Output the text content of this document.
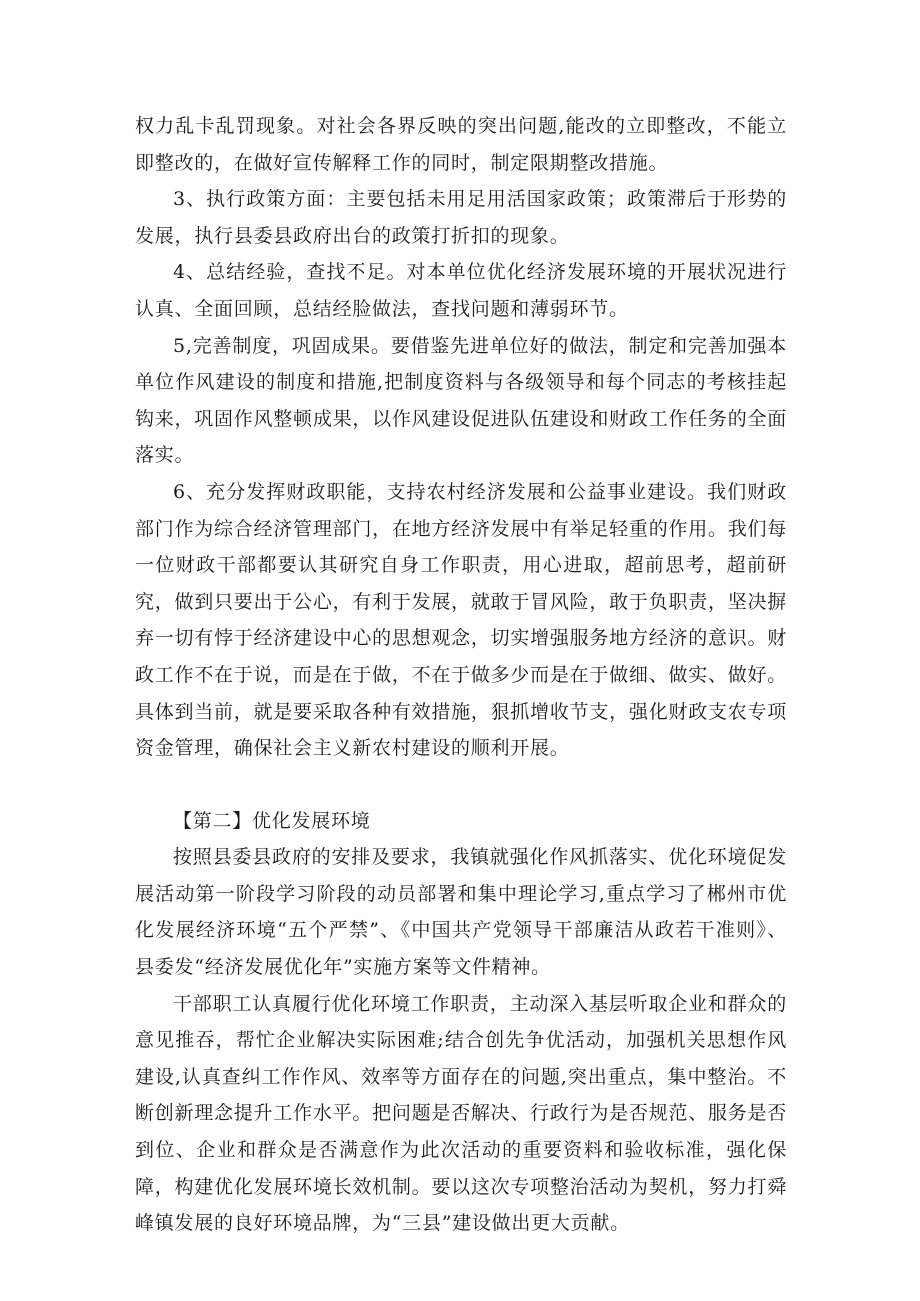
权力乱卡乱罚现象。对社会各界反映的突出问题,能改的立即整改，不能立即整改的，在做好宣传解释工作的同时，制定限期整改措施。

3、执行政策方面：主要包括未用足用活国家政策；政策滞后于形势的发展，执行县委县政府出台的政策打折扣的现象。

4、总结经验，查找不足。对本单位优化经济发展环境的开展状况进行认真、全面回顾，总结经脸做法，查找问题和薄弱环节。

5,完善制度，巩固成果。要借鉴先进单位好的做法，制定和完善加强本单位作风建设的制度和措施,把制度资料与各级领导和每个同志的考核挂起钩来，巩固作风整顿成果，以作风建设促进队伍建设和财政工作任务的全面落实。

6、充分发挥财政职能，支持农村经济发展和公益事业建设。我们财政部门作为综合经济管理部门，在地方经济发展中有举足轻重的作用。我们每一位财政干部都要认其研究自身工作职责，用心进取，超前思考，超前研究，做到只要出于公心，有利于发展，就敢于冒风险，敢于负职责，坚决摒弃一切有悖于经济建设中心的思想观念，切实增强服务地方经济的意识。财政工作不在于说，而是在于做，不在于做多少而是在于做细、做实、做好。具体到当前，就是要采取各种有效措施，狠抓增收节支，强化财政支农专项资金管理，确保社会主义新农村建设的顺利开展。

【第二】优化发展环境

按照县委县政府的安排及要求，我镇就强化作风抓落实、优化环境促发展活动第一阶段学习阶段的动员部署和集中理论学习,重点学习了郴州市优化发展经济环境“五个严禁”、《中国共产党领导干部廉洁从政若干准则》、县委发“经济发展优化年”实施方案等文件精神。

干部职工认真履行优化环境工作职责，主动深入基层听取企业和群众的意见推吞，帮忙企业解决实际困难;结合创先争优活动，加强机关思想作风建设,认真查纠工作作风、效率等方面存在的问题,突出重点，集中整治。不断创新理念提升工作水平。把问题是否解决、行政行为是否规范、服务是否到位、企业和群众是否满意作为此次活动的重要资料和验收标准，强化保障，构建优化发展环境长效机制。要以这次专项整治活动为契机，努力打舜峰镇发展的良好环境品牌，为“三县”建设做出更大贡献。
